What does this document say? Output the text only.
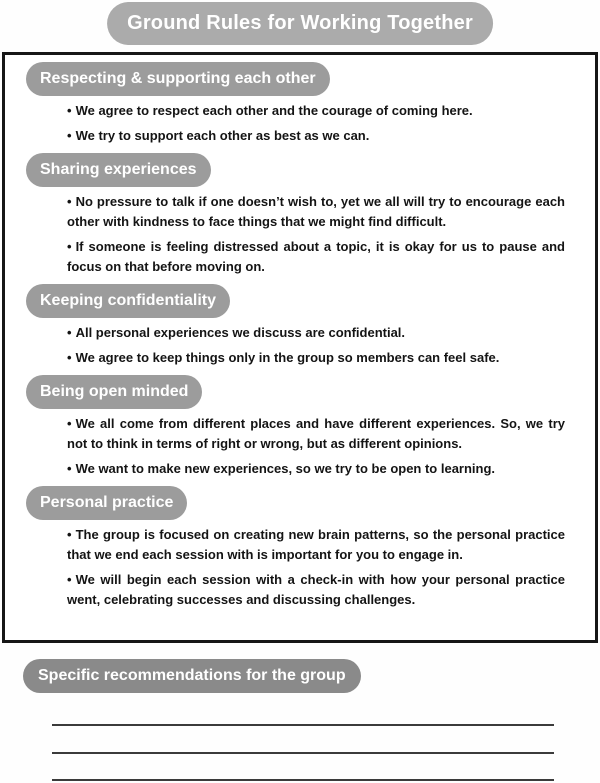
Ground Rules for Working Together
Respecting & supporting each other

• We agree to respect each other and the courage of coming here.

• We try to support each other as best as we can.

Sharing experiences

• No pressure to talk if one doesn’t wish to, yet we all will try to encourage each other with kindness to face things that we might find difficult.

• If someone is feeling distressed about a topic, it is okay for us to pause and focus on that before moving on.

Keeping confidentiality

• All personal experiences we discuss are confidential.

• We agree to keep things only in the group so members can feel safe.

Being open minded

• We all come from different places and have different experiences. So, we try not to think in terms of right or wrong, but as different opinions.

• We want to make new experiences, so we try to be open to learning.

Personal practice

• The group is focused on creating new brain patterns, so the personal practice that we end each session with is important for you to engage in.

• We will begin each session with a check-in with how your personal practice went, celebrating successes and discussing challenges.

Specific recommendations for the group
